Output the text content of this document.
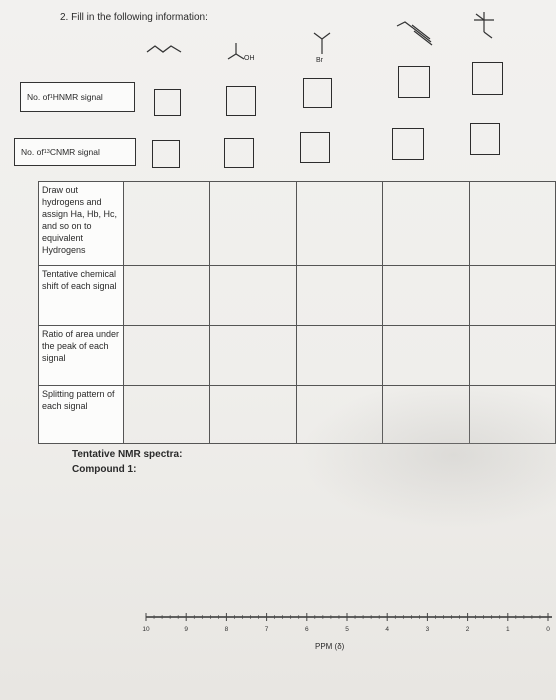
2. Fill in the following information:
OH	Br
No. of 1 HNMR signal
No. of 13 CNMR signal
Draw out hydrogens and assign Ha, Hb, Hc, and so on to equivalent Hydrogens					
Tentative chemical shift of each signal					
Ratio of area under the peak of each signal					
Splitting pattern of each signal					
Tentative NMR spectra:
Compound 1:
10	9	8	7	6	5	4	3	2	1	0
PPM (δ)
